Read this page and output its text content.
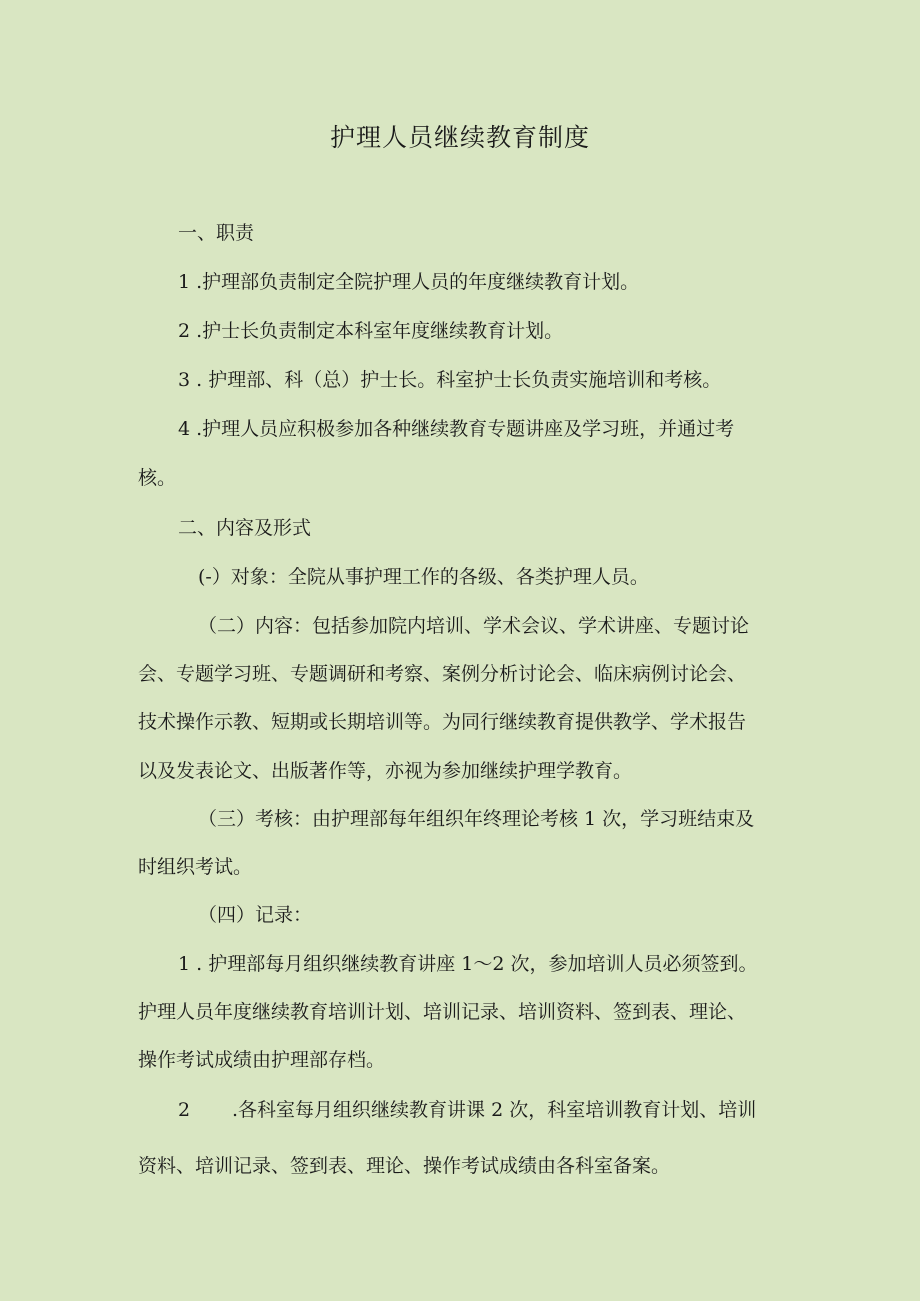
护理人员继续教育制度
一、职责
1 .护理部负责制定全院护理人员的年度继续教育计划。
2 .护士长负责制定本科室年度继续教育计划。
3 . 护理部、科（总）护士长。科室护士长负责实施培训和考核。
4 .护理人员应积极参加各种继续教育专题讲座及学习班，并通过考
核。
二、内容及形式
(-）对象：全院从事护理工作的各级、各类护理人员。
（二）内容：包括参加院内培训、学术会议、学术讲座、专题讨论
会、专题学习班、专题调研和考察、案例分析讨论会、临床病例讨论会、
技术操作示教、短期或长期培训等。为同行继续教育提供教学、学术报告
以及发表论文、出版著作等，亦视为参加继续护理学教育。
（三）考核：由护理部每年组织年终理论考核 1 次，学习班结束及
时组织考试。
（四）记录：
1 . 护理部每月组织继续教育讲座 1～2 次，参加培训人员必须签到。
护理人员年度继续教育培训计划、培训记录、培训资料、签到表、理论、
操作考试成绩由护理部存档。
2 .各科室每月组织继续教育讲课 2 次，科室培训教育计划、培训
资料、培训记录、签到表、理论、操作考试成绩由各科室备案。
